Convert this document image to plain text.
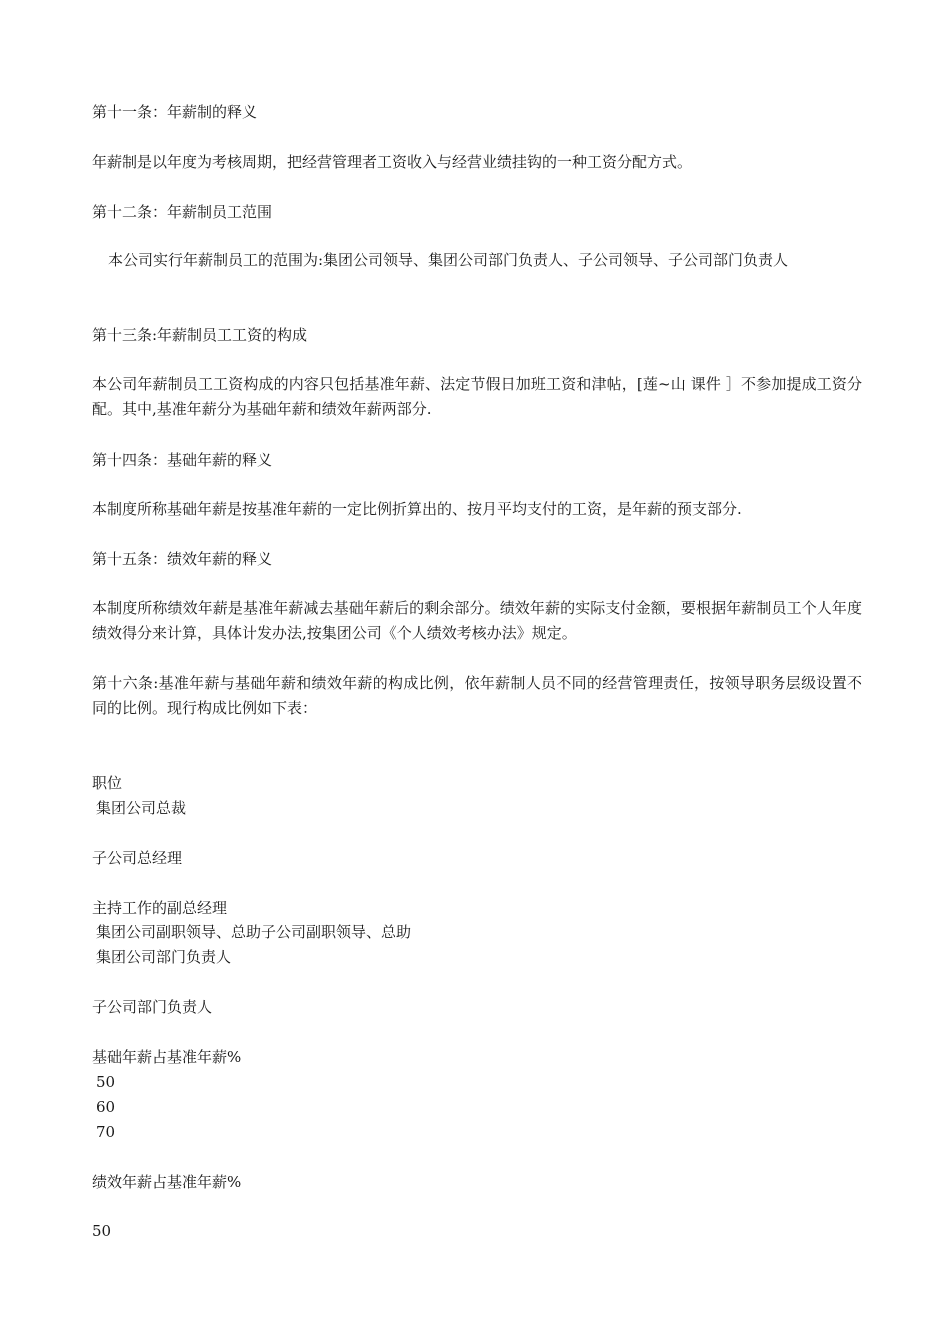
第十一条：年薪制的释义
年薪制是以年度为考核周期，把经营管理者工资收入与经营业绩挂钩的一种工资分配方式。
第十二条：年薪制员工范围
本公司实行年薪制员工的范围为:集团公司领导、集团公司部门负责人、子公司领导、子公司部门负责人
第十三条:年薪制员工工资的构成
本公司年薪制员工工资构成的内容只包括基准年薪、法定节假日加班工资和津帖，[莲~山 课件 ］不参加提成工资分配。其中,基准年薪分为基础年薪和绩效年薪两部分.
第十四条：基础年薪的释义
本制度所称基础年薪是按基准年薪的一定比例折算出的、按月平均支付的工资，是年薪的预支部分.
第十五条：绩效年薪的释义
本制度所称绩效年薪是基准年薪减去基础年薪后的剩余部分。绩效年薪的实际支付金额，要根据年薪制员工个人年度绩效得分来计算，具体计发办法,按集团公司《个人绩效考核办法》规定。
第十六条:基准年薪与基础年薪和绩效年薪的构成比例，依年薪制人员不同的经营管理责任，按领导职务层级设置不同的比例。现行构成比例如下表：
职位
集团公司总裁
子公司总经理
主持工作的副总经理
集团公司副职领导、总助子公司副职领导、总助
集团公司部门负责人
子公司部门负责人
基础年薪占基准年薪%
50
60
70
绩效年薪占基准年薪%
50
